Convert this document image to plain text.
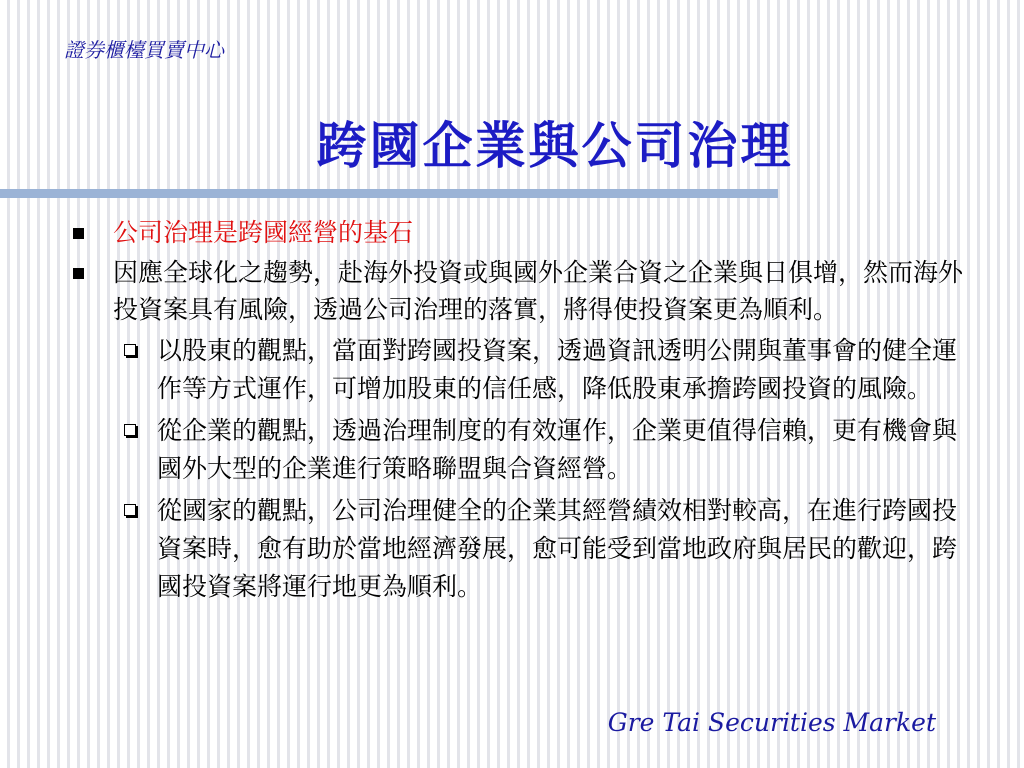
證券櫃檯買賣中心
跨國企業與公司治理
公司治理是跨國經營的基石
因應全球化之趨勢，赴海外投資或與國外企業合資之企業與日俱增，然而海外投資案具有風險，透過公司治理的落實，將得使投資案更為順利。
以股東的觀點，當面對跨國投資案，透過資訊透明公開與董事會的健全運作等方式運作，可增加股東的信任感，降低股東承擔跨國投資的風險。
從企業的觀點，透過治理制度的有效運作，企業更值得信賴，更有機會與國外大型的企業進行策略聯盟與合資經營。
從國家的觀點，公司治理健全的企業其經營績效相對較高，在進行跨國投資案時，愈有助於當地經濟發展，愈可能受到當地政府與居民的歡迎，跨國投資案將運行地更為順利。
Gre Tai Securities Market
